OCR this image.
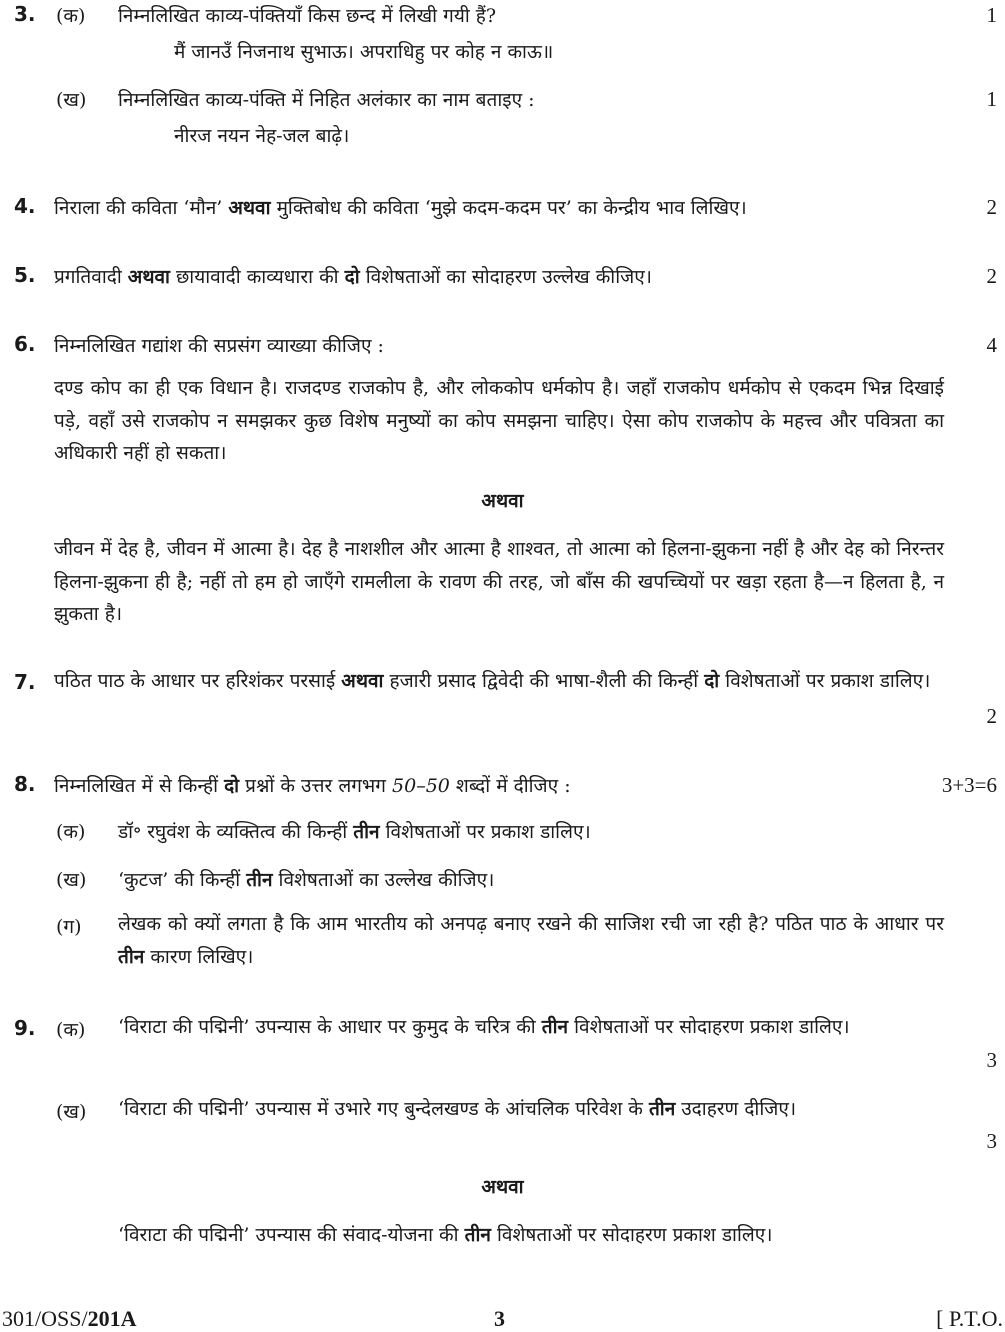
3. (क) निम्नलिखित काव्य-पंक्तियाँ किस छन्द में लिखी गयी हैं?	1
मैं जानउँ निजनाथ सुभाऊ। अपराधिहु पर कोह न काऊ॥
(ख) निम्नलिखित काव्य-पंक्ति में निहित अलंकार का नाम बताइए :	1
नीरज नयन नेह-जल बाढ़े।
4. निराला की कविता ‘मौन’ अथवा मुक्तिबोध की कविता ‘मुझे कदम-कदम पर’ का केन्द्रीय भाव लिखिए।	2
5. प्रगतिवादी अथवा छायावादी काव्यधारा की दो विशेषताओं का सोदाहरण उल्लेख कीजिए।	2
6. निम्नलिखित गद्यांश की सप्रसंग व्याख्या कीजिए :	4
दण्ड कोप का ही एक विधान है। राजदण्ड राजकोप है, और लोककोप धर्मकोप है। जहाँ राजकोप धर्मकोप से एकदम भिन्न दिखाई पड़े, वहाँ उसे राजकोप न समझकर कुछ विशेष मनुष्यों का कोप समझना चाहिए। ऐसा कोप राजकोप के महत्त्व और पवित्रता का अधिकारी नहीं हो सकता।
अथवा
जीवन में देह है, जीवन में आत्मा है। देह है नाशशील और आत्मा है शाश्वत, तो आत्मा को हिलना-झुकना नहीं है और देह को निरन्तर हिलना-झुकना ही है; नहीं तो हम हो जाएँगे रामलीला के रावण की तरह, जो बाँस की खपच्चियों पर खड़ा रहता है—न हिलता है, न झुकता है।
7. पठित पाठ के आधार पर हरिशंकर परसाई अथवा हजारी प्रसाद द्विवेदी की भाषा-शैली की किन्हीं दो विशेषताओं पर प्रकाश डालिए।
2
8. निम्नलिखित में से किन्हीं दो प्रश्नों के उत्तर लगभग 50–50 शब्दों में दीजिए :	3+3=6
(क) डॉ॰ रघुवंश के व्यक्तित्व की किन्हीं तीन विशेषताओं पर प्रकाश डालिए।
(ख) ‘कुटज’ की किन्हीं तीन विशेषताओं का उल्लेख कीजिए।
(ग) लेखक को क्यों लगता है कि आम भारतीय को अनपढ़ बनाए रखने की साजिश रची जा रही है? पठित पाठ के आधार पर तीन कारण लिखिए।
9. (क) ‘विराटा की पद्मिनी’ उपन्यास के आधार पर कुमुद के चरित्र की तीन विशेषताओं पर सोदाहरण प्रकाश डालिए।
3
(ख) ‘विराटा की पद्मिनी’ उपन्यास में उभारे गए बुन्देलखण्ड के आंचलिक परिवेश के तीन उदाहरण दीजिए।
3
अथवा
‘विराटा की पद्मिनी’ उपन्यास की संवाद-योजना की तीन विशेषताओं पर सोदाहरण प्रकाश डालिए।
301/OSS/201A	3	[ P.T.O.
